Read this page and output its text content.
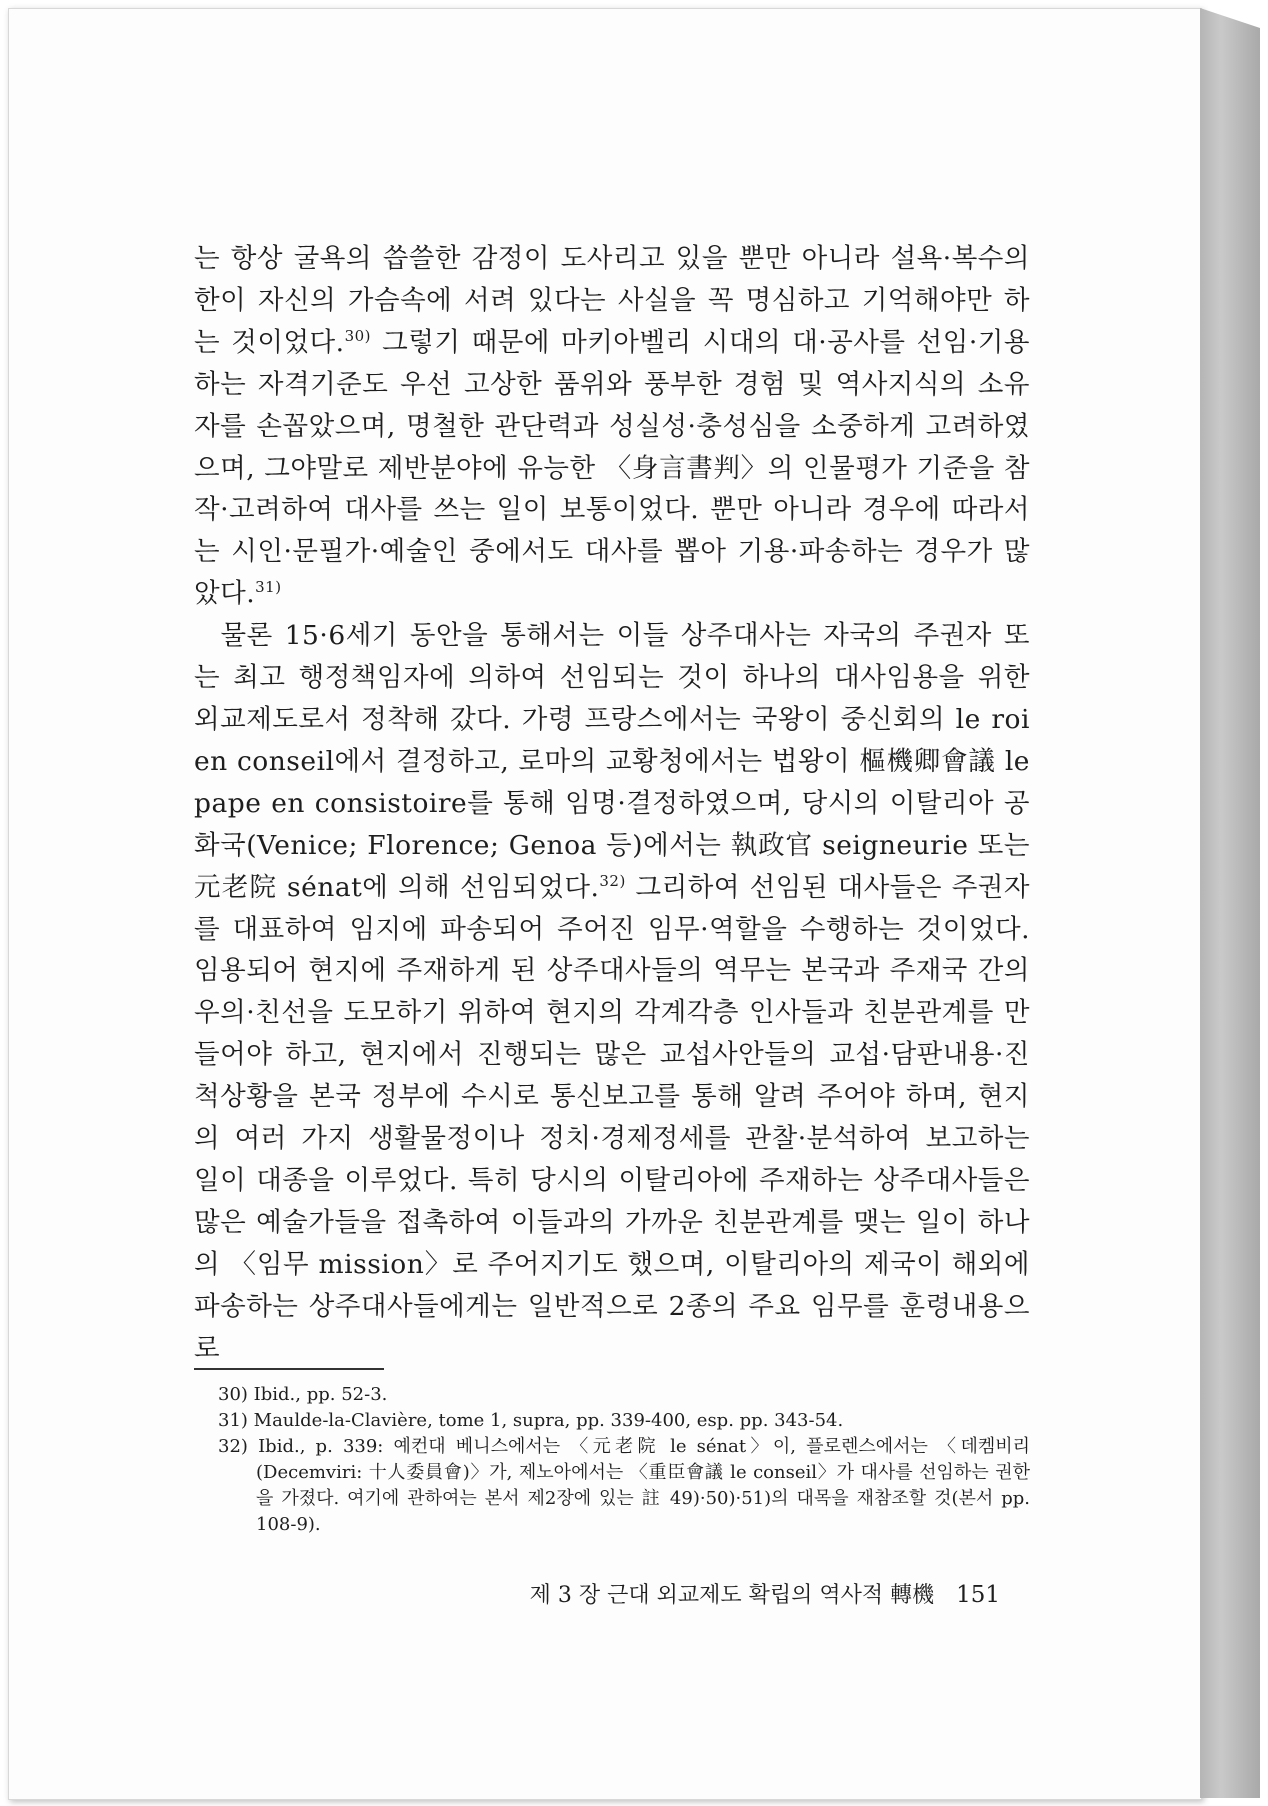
는 항상 굴욕의 씁쓸한 감정이 도사리고 있을 뿐만 아니라 설욕·복수의 한이 자신의 가슴속에 서려 있다는 사실을 꼭 명심하고 기억해야만 하는 것이었다.$^{30)}$ 그렇기 때문에 마키아벨리 시대의 대·공사를 선임·기용하는 자격기준도 우선 고상한 품위와 풍부한 경험 및 역사지식의 소유자를 손꼽았으며, 명철한 관단력과 성실성·충성심을 소중하게 고려하였으며, 그야말로 제반분야에 유능한 〈身言書判〉의 인물평가 기준을 참작·고려하여 대사를 쓰는 일이 보통이었다. 뿐만 아니라 경우에 따라서는 시인·문필가·예술인 중에서도 대사를 뽑아 기용·파송하는 경우가 많았다.$^{31)}$

물론 15·6세기 동안을 통해서는 이들 상주대사는 자국의 주권자 또는 최고 행정책임자에 의하여 선임되는 것이 하나의 대사임용을 위한 외교제도로서 정착해 갔다. 가령 프랑스에서는 국왕이 중신회의 le roi en conseil에서 결정하고, 로마의 교황청에서는 법왕이 樞機卿會議 le pape en consistoire를 통해 임명·결정하였으며, 당시의 이탈리아 공화국(Venice; Florence; Genoa 등)에서는 執政官 seigneurie 또는 元老院 sénat에 의해 선임되었다.$^{32)}$ 그리하여 선임된 대사들은 주권자를 대표하여 임지에 파송되어 주어진 임무·역할을 수행하는 것이었다. 임용되어 현지에 주재하게 된 상주대사들의 역무는 본국과 주재국 간의 우의·친선을 도모하기 위하여 현지의 각계각층 인사들과 친분관계를 만들어야 하고, 현지에서 진행되는 많은 교섭사안들의 교섭·담판내용·진척상황을 본국 정부에 수시로 통신보고를 통해 알려 주어야 하며, 현지의 여러 가지 생활물정이나 정치·경제정세를 관찰·분석하여 보고하는 일이 대종을 이루었다. 특히 당시의 이탈리아에 주재하는 상주대사들은 많은 예술가들을 접촉하여 이들과의 가까운 친분관계를 맺는 일이 하나의 〈임무 mission〉로 주어지기도 했으며, 이탈리아의 제국이 해외에 파송하는 상주대사들에게는 일반적으로 2종의 주요 임무를 훈령내용으로

30) Ibid., pp. 52-3.

31) Maulde-la-Clavière, tome 1, supra, pp. 339-400, esp. pp. 343-54.

32) Ibid., p. 339: 예컨대 베니스에서는 〈元老院 le sénat〉이, 플로렌스에서는 〈데켐비리 (Decemviri: 十人委員會)〉가, 제노아에서는 〈重臣會議 le conseil〉가 대사를 선임하는 권한을 가졌다. 여기에 관하여는 본서 제2장에 있는 註 49)·50)·51)의 대목을 재참조할 것(본서 pp. 108-9).

제 3 장 근대 외교제도 확립의 역사적 轉機 151
